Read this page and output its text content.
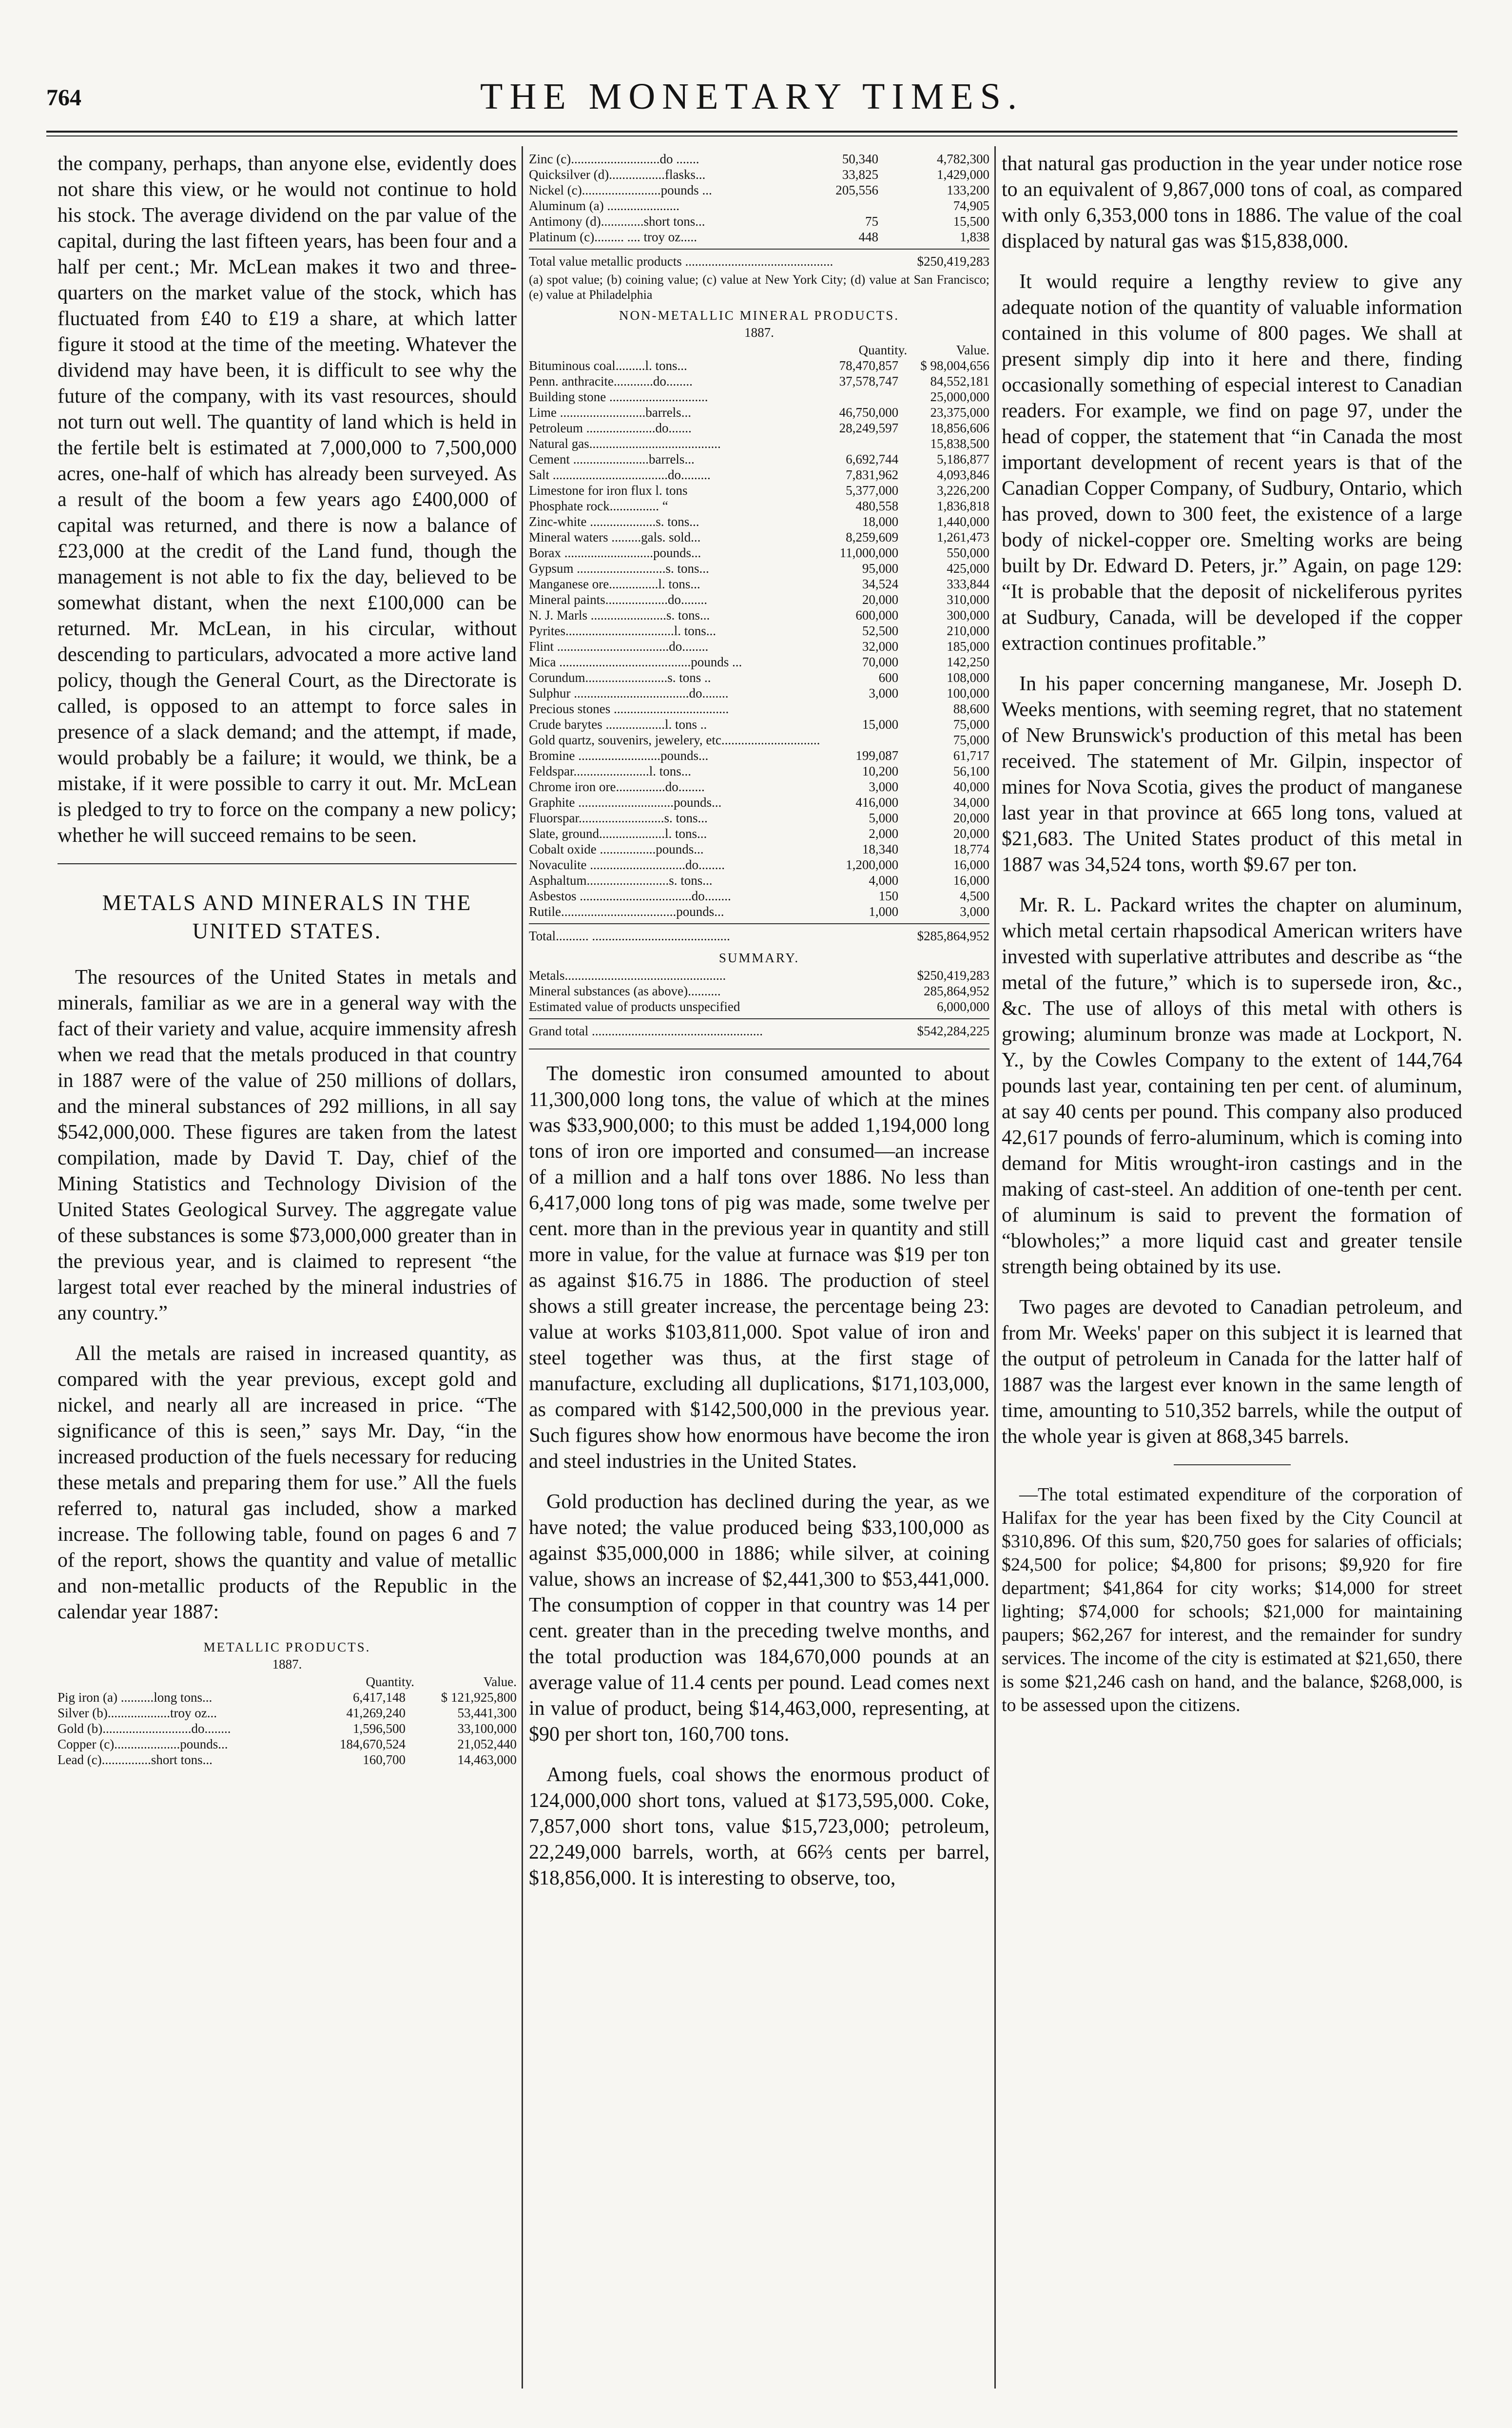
764	THE MONETARY TIMES.

the company, perhaps, than anyone else, evidently does not share this view, or he would not continue to hold his stock. The average dividend on the par value of the capital, during the last fifteen years, has been four and a half per cent.; Mr. McLean makes it two and three-quarters on the market value of the stock, which has fluctuated from £40 to £19 a share, at which latter figure it stood at the time of the meeting. Whatever the dividend may have been, it is difficult to see why the future of the company, with its vast resources, should not turn out well. The quantity of land which is held in the fertile belt is estimated at 7,000,000 to 7,500,000 acres, one-half of which has already been surveyed. As a result of the boom a few years ago £400,000 of capital was returned, and there is now a balance of £23,000 at the credit of the Land fund, though the management is not able to fix the day, believed to be somewhat distant, when the next £100,000 can be returned. Mr. McLean, in his circular, without descending to particulars, advocated a more active land policy, though the General Court, as the Directorate is called, is opposed to an attempt to force sales in presence of a slack demand; and the attempt, if made, would probably be a failure; it would, we think, be a mistake, if it were possible to carry it out. Mr. McLean is pledged to try to force on the company a new policy; whether he will succeed remains to be seen.

METALS AND MINERALS IN THE UNITED STATES.

The resources of the United States in metals and minerals, familiar as we are in a general way with the fact of their variety and value, acquire immensity afresh when we read that the metals produced in that country in 1887 were of the value of 250 millions of dollars, and the mineral substances of 292 millions, in all say $542,000,000. These figures are taken from the latest compilation, made by David T. Day, chief of the Mining Statistics and Technology Division of the United States Geological Survey. The aggregate value of these substances is some $73,000,000 greater than in the previous year, and is claimed to represent “the largest total ever reached by the mineral industries of any country.”

All the metals are raised in increased quantity, as compared with the year previous, except gold and nickel, and nearly all are increased in price. “The significance of this is seen,” says Mr. Day, “in the increased production of the fuels necessary for reducing these metals and preparing them for use.” All the fuels referred to, natural gas included, show a marked increase. The following table, found on pages 6 and 7 of the report, shows the quantity and value of metallic and non-metallic products of the Republic in the calendar year 1887:

METALLIC PRODUCTS.
1887.
	Quantity.	Value.
Pig iron (a) ..........long tons...	6,417,148	$ 121,925,800
Silver (b)...................troy oz...	41,269,240	53,441,300
Gold (b)...........................do........	1,596,500	33,100,000
Copper (c)....................pounds...	184,670,524	21,052,440
Lead (c)...............short tons...	160,700	14,463,000
Zinc (c)...........................do .......	50,340	4,782,300
Quicksilver (d).................flasks...	33,825	1,429,000
Nickel (c)........................pounds ...	205,556	133,200
Aluminum (a) ......................		74,905
Antimony (d).............short tons...	75	15,500
Platinum (c)......... .... troy oz.....	448	1,838
Total value metallic products .............................................	$250,419,283
(a) spot value; (b) coining value; (c) value at New York City; (d) value at San Francisco; (e) value at Philadelphia
NON-METALLIC MINERAL PRODUCTS.
1887.
	Quantity.	Value.
Bituminous coal.........l. tons...	78,470,857	$ 98,004,656
Penn. anthracite............do........	37,578,747	84,552,181
Building stone ..............................		25,000,000
Lime ..........................barrels...	46,750,000	23,375,000
Petroleum .....................do.......	28,249,597	18,856,606
Natural gas........................................		15,838,500
Cement .......................barrels...	6,692,744	5,186,877
Salt ...................................do.........	7,831,962	4,093,846
Limestone for iron flux l. tons	5,377,000	3,226,200
Phosphate rock............... “	480,558	1,836,818
Zinc-white ....................s. tons...	18,000	1,440,000
Mineral waters .........gals. sold...	8,259,609	1,261,473
Borax ...........................pounds...	11,000,000	550,000
Gypsum ...........................s. tons...	95,000	425,000
Manganese ore...............l. tons...	34,524	333,844
Mineral paints...................do........	20,000	310,000
N. J. Marls .......................s. tons...	600,000	300,000
Pyrites.................................l. tons...	52,500	210,000
Flint ..................................do........	32,000	185,000
Mica ........................................pounds ...	70,000	142,250
Corundum.........................s. tons ..	600	108,000
Sulphur ...................................do........	3,000	100,000
Precious stones ...................................		88,600
Crude barytes ..................l. tons ..	15,000	75,000
Gold quartz, souvenirs, jewelery, etc..............................		75,000
Bromine .........................pounds...	199,087	61,717
Feldspar.......................l. tons...	10,200	56,100
Chrome iron ore...............do........	3,000	40,000
Graphite .............................pounds...	416,000	34,000
Fluorspar..........................s. tons...	5,000	20,000
Slate, ground....................l. tons...	2,000	20,000
Cobalt oxide .................pounds...	18,340	18,774
Novaculite .............................do........	1,200,000	16,000
Asphaltum.........................s. tons...	4,000	16,000
Asbestos ..................................do........	150	4,500
Rutile...................................pounds...	1,000	3,000
Total.......... ..........................................	$285,864,952
SUMMARY.
Metals.................................................	$250,419,283
Mineral substances (as above)..........	285,864,952
Estimated value of products unspecified	6,000,000
Grand total ....................................................	$542,284,225

The domestic iron consumed amounted to about 11,300,000 long tons, the value of which at the mines was $33,900,000; to this must be added 1,194,000 long tons of iron ore imported and consumed—an increase of a million and a half tons over 1886. No less than 6,417,000 long tons of pig was made, some twelve per cent. more than in the previous year in quantity and still more in value, for the value at furnace was $19 per ton as against $16.75 in 1886. The production of steel shows a still greater increase, the percentage being 23: value at works $103,811,000. Spot value of iron and steel together was thus, at the first stage of manufacture, excluding all duplications, $171,103,000, as compared with $142,500,000 in the previous year. Such figures show how enormous have become the iron and steel industries in the United States.

Gold production has declined during the year, as we have noted; the value produced being $33,100,000 as against $35,000,000 in 1886; while silver, at coining value, shows an increase of $2,441,300 to $53,441,000. The consumption of copper in that country was 14 per cent. greater than in the preceding twelve months, and the total production was 184,670,000 pounds at an average value of 11.4 cents per pound. Lead comes next in value of product, being $14,463,000, representing, at $90 per short ton, 160,700 tons.

Among fuels, coal shows the enormous product of 124,000,000 short tons, valued at $173,595,000. Coke, 7,857,000 short tons, value $15,723,000; petroleum, 22,249,000 barrels, worth, at 66⅔ cents per barrel, $18,856,000. It is interesting to observe, too,

that natural gas production in the year under notice rose to an equivalent of 9,867,000 tons of coal, as compared with only 6,353,000 tons in 1886. The value of the coal displaced by natural gas was $15,838,000.

It would require a lengthy review to give any adequate notion of the quantity of valuable information contained in this volume of 800 pages. We shall at present simply dip into it here and there, finding occasionally something of especial interest to Canadian readers. For example, we find on page 97, under the head of copper, the statement that “in Canada the most important development of recent years is that of the Canadian Copper Company, of Sudbury, Ontario, which has proved, down to 300 feet, the existence of a large body of nickel-copper ore. Smelting works are being built by Dr. Edward D. Peters, jr.” Again, on page 129: “It is probable that the deposit of nickeliferous pyrites at Sudbury, Canada, will be developed if the copper extraction continues profitable.”

In his paper concerning manganese, Mr. Joseph D. Weeks mentions, with seeming regret, that no statement of New Brunswick's production of this metal has been received. The statement of Mr. Gilpin, inspector of mines for Nova Scotia, gives the product of manganese last year in that province at 665 long tons, valued at $21,683. The United States product of this metal in 1887 was 34,524 tons, worth $9.67 per ton.

Mr. R. L. Packard writes the chapter on aluminum, which metal certain rhapsodical American writers have invested with superlative attributes and describe as “the metal of the future,” which is to supersede iron, &c., &c. The use of alloys of this metal with others is growing; aluminum bronze was made at Lockport, N. Y., by the Cowles Company to the extent of 144,764 pounds last year, containing ten per cent. of aluminum, at say 40 cents per pound. This company also produced 42,617 pounds of ferro-aluminum, which is coming into demand for Mitis wrought-iron castings and in the making of cast-steel. An addition of one-tenth per cent. of aluminum is said to prevent the formation of “blowholes;” a more liquid cast and greater tensile strength being obtained by its use.

Two pages are devoted to Canadian petroleum, and from Mr. Weeks' paper on this subject it is learned that the output of petroleum in Canada for the latter half of 1887 was the largest ever known in the same length of time, amounting to 510,352 barrels, while the output of the whole year is given at 868,345 barrels.

—The total estimated expenditure of the corporation of Halifax for the year has been fixed by the City Council at $310,896. Of this sum, $20,750 goes for salaries of officials; $24,500 for police; $4,800 for prisons; $9,920 for fire department; $41,864 for city works; $14,000 for street lighting; $74,000 for schools; $21,000 for maintaining paupers; $62,267 for interest, and the remainder for sundry services. The income of the city is estimated at $21,650, there is some $21,246 cash on hand, and the balance, $268,000, is to be assessed upon the citizens.
